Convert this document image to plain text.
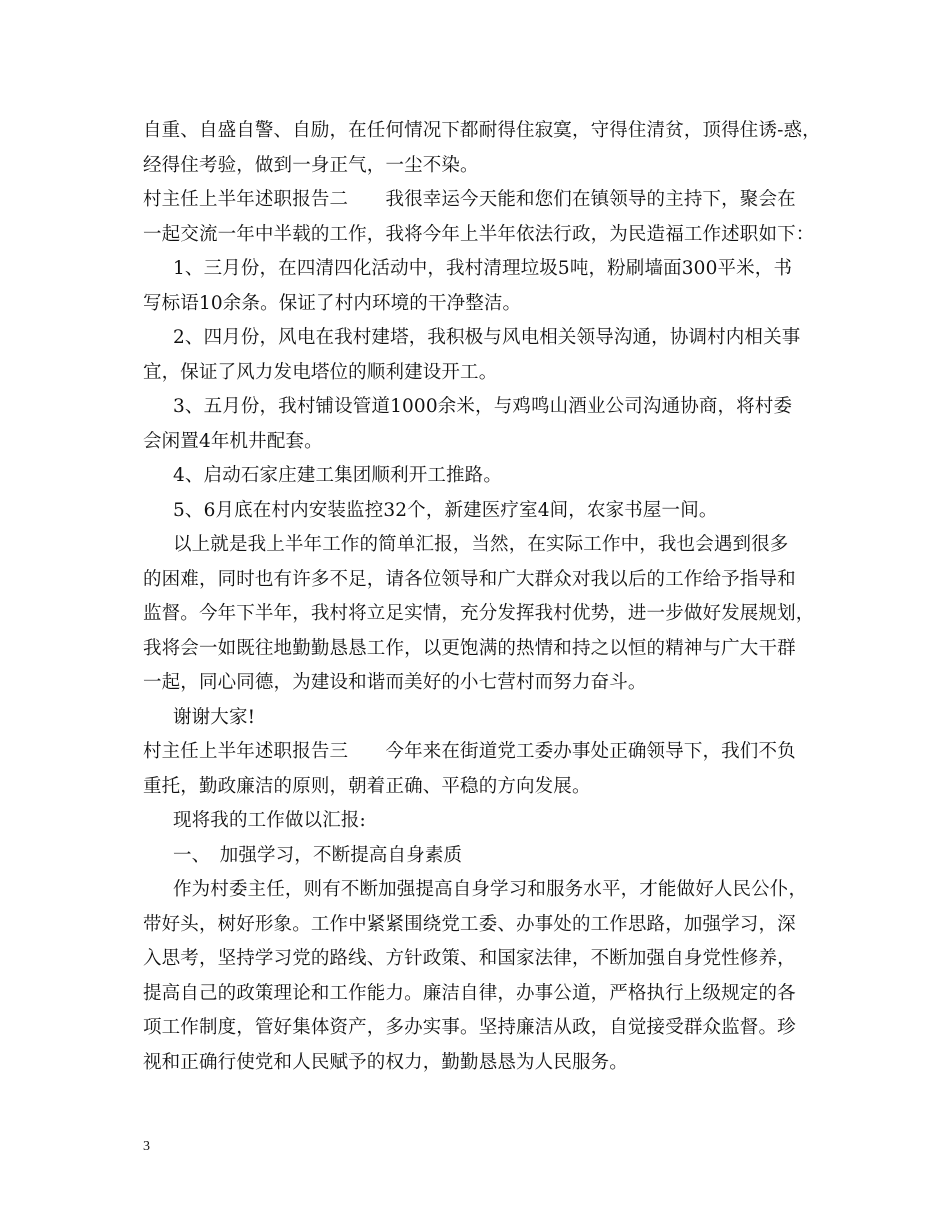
自重、自盛自警、自励，在任何情况下都耐得住寂寞，守得住清贫，顶得住诱-惑，
经得住考验，做到一身正气，一尘不染。
村主任上半年述职报告二　　我很幸运今天能和您们在镇领导的主持下，聚会在
一起交流一年中半载的工作，我将今年上半年依法行政，为民造福工作述职如下：
1、三月份，在四清四化活动中，我村清理垃圾5吨，粉刷墙面300平米，书
写标语10余条。保证了村内环境的干净整洁。
2、四月份，风电在我村建塔，我积极与风电相关领导沟通，协调村内相关事
宜，保证了风力发电塔位的顺利建设开工。
3、五月份，我村铺设管道1000余米，与鸡鸣山酒业公司沟通协商，将村委
会闲置4年机井配套。
4、启动石家庄建工集团顺利开工推路。
5、6月底在村内安装监控32个，新建医疗室4间，农家书屋一间。
以上就是我上半年工作的简单汇报，当然，在实际工作中，我也会遇到很多
的困难，同时也有许多不足，请各位领导和广大群众对我以后的工作给予指导和
监督。今年下半年，我村将立足实情，充分发挥我村优势，进一步做好发展规划，
我将会一如既往地勤勤恳恳工作，以更饱满的热情和持之以恒的精神与广大干群
一起，同心同德，为建设和谐而美好的小七营村而努力奋斗。
谢谢大家!
村主任上半年述职报告三　　今年来在街道党工委办事处正确领导下，我们不负
重托，勤政廉洁的原则，朝着正确、平稳的方向发展。
现将我的工作做以汇报:
一、　加强学习，不断提高自身素质
作为村委主任，则有不断加强提高自身学习和服务水平，才能做好人民公仆，
带好头，树好形象。工作中紧紧围绕党工委、办事处的工作思路，加强学习，深
入思考，坚持学习党的路线、方针政策、和国家法律，不断加强自身党性修养，
提高自己的政策理论和工作能力。廉洁自律，办事公道，严格执行上级规定的各
项工作制度，管好集体资产，多办实事。坚持廉洁从政，自觉接受群众监督。珍
视和正确行使党和人民赋予的权力，勤勤恳恳为人民服务。
3
